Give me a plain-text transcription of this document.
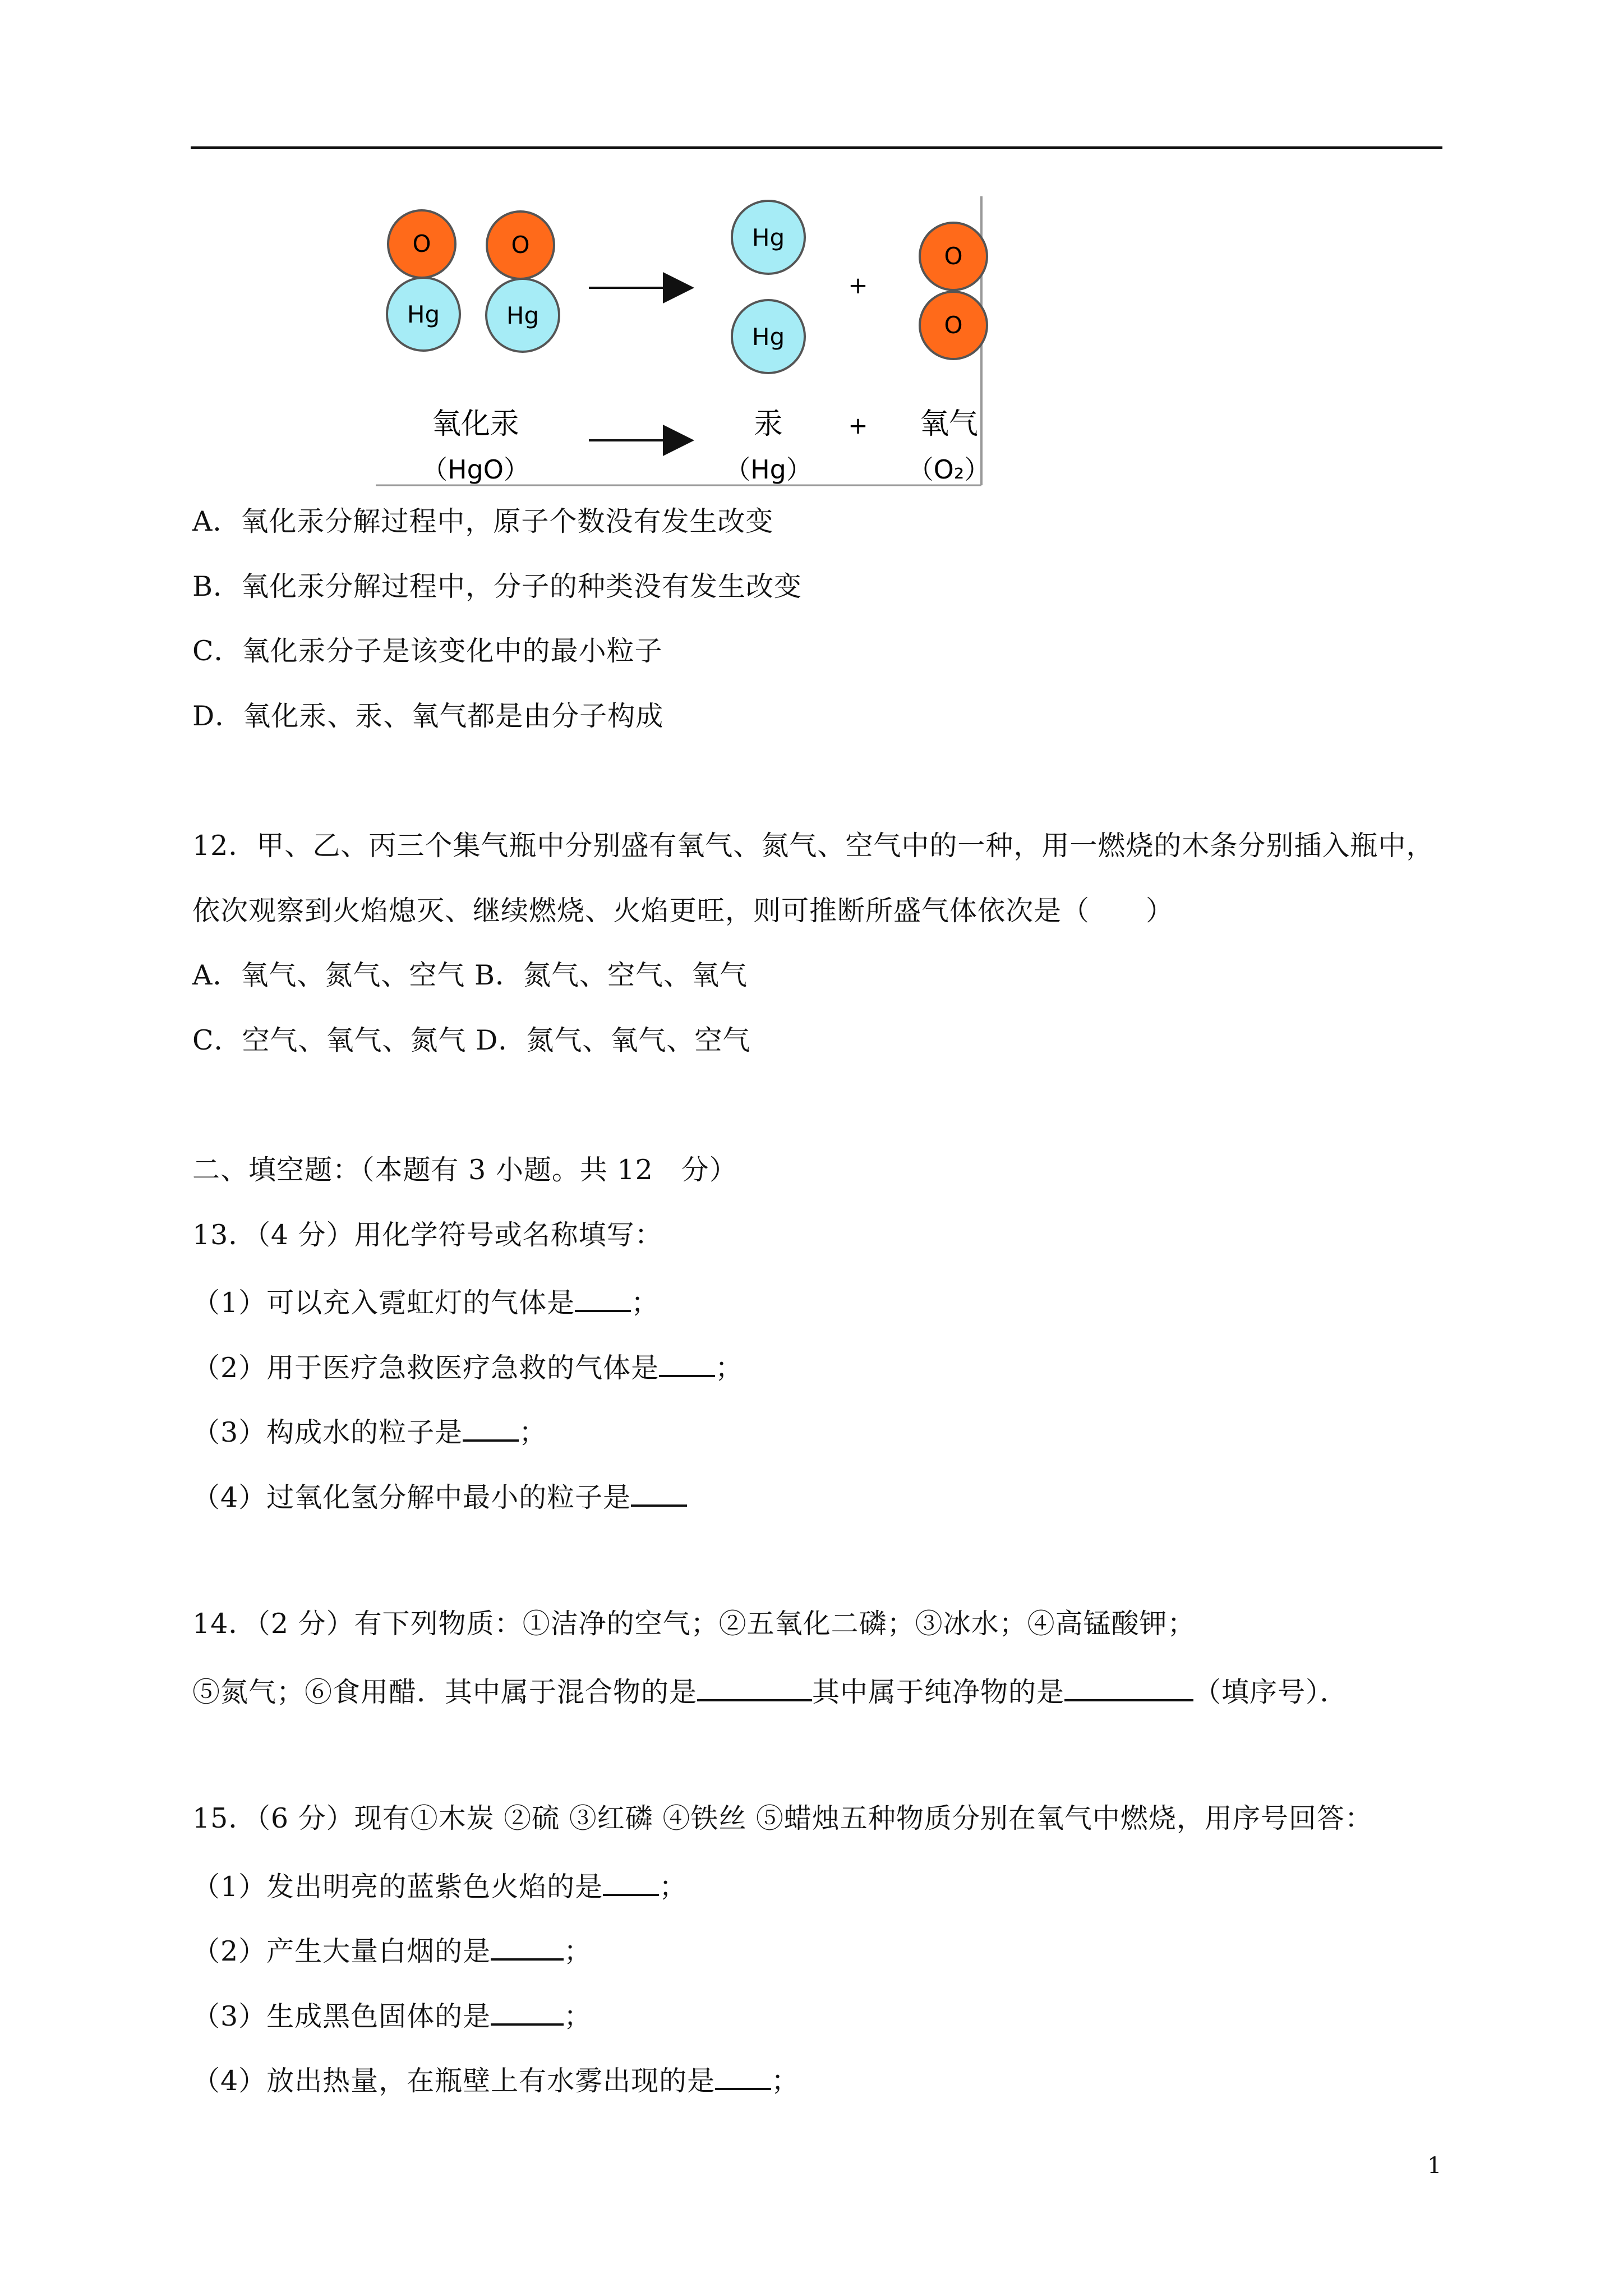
O
Hg
O
Hg
Hg
Hg
+
O
O
氧化汞	汞	+ 氧气
（HgO）	（Hg）	（O₂）
A．氧化汞分解过程中，原子个数没有发生改变
B．氧化汞分解过程中，分子的种类没有发生改变
C．氧化汞分子是该变化中的最小粒子
D．氧化汞、汞、氧气都是由分子构成
12．甲、乙、丙三个集气瓶中分别盛有氧气、氮气、空气中的一种，用一燃烧的木条分别插入瓶中，
依次观察到火焰熄灭、继续燃烧、火焰更旺，则可推断所盛气体依次是（　　）
A．氧气、氮气、空气 B．氮气、空气、氧气
C．空气、氧气、氮气 D．氮气、氧气、空气
二、填空题：（本题有 3 小题。共 12　分）
13．（4 分）用化学符号或名称填写：
（1）可以充入霓虹灯的气体是 ；
（2）用于医疗急救医疗急救的气体是 ；
（3）构成水的粒子是 ；
（4）过氧化氢分解中最小的粒子是
14．（2 分）有下列物质：①洁净的空气；②五氧化二磷；③冰水；④高锰酸钾；
⑤氮气；⑥食用醋．其中属于混合物的是	其中属于纯净物的是	（填序号）．
15．（6 分）现有①木炭 ②硫 ③红磷 ④铁丝 ⑤蜡烛五种物质分别在氧气中燃烧，用序号回答：
（1）发出明亮的蓝紫色火焰的是 ；
（2）产生大量白烟的是	；
（3）生成黑色固体的是	；
（4）放出热量，在瓶壁上有水雾出现的是 ；
1
